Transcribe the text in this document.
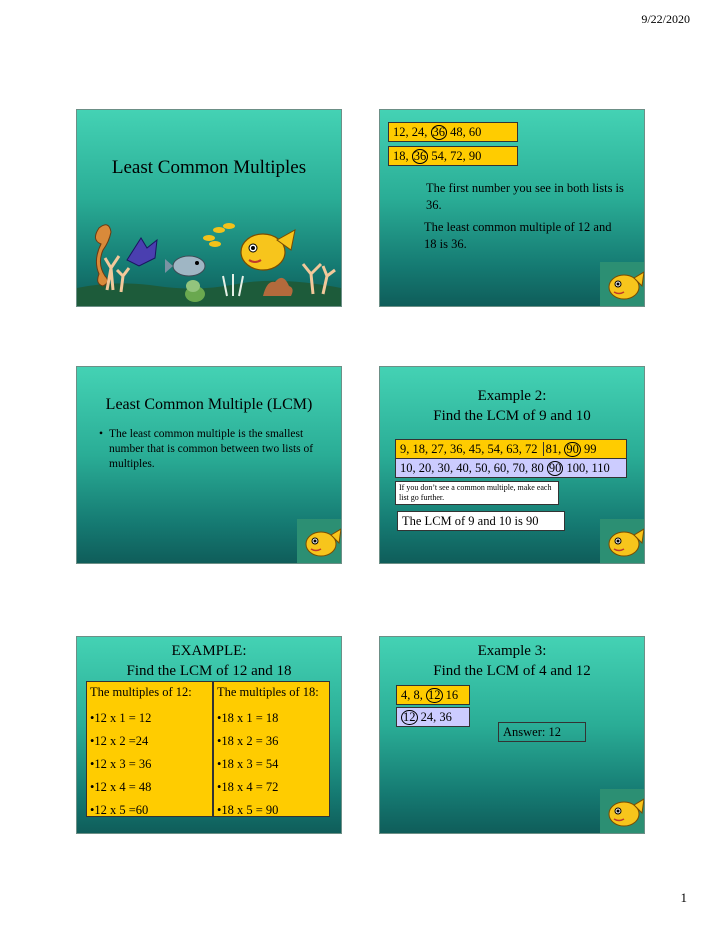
9/22/2020
Least Common Multiples
12, 24, 36 48, 60
18, 36 54, 72, 90
The first number you see in both lists is 36.
The least common multiple of 12 and 18 is 36.
Least Common Multiple (LCM)
• The least common multiple is the smallest number that is common between two lists of multiples.
Example 2:
Find the LCM of 9 and 10
9, 18, 27, 36, 45, 54, 63, 72 81, 90 99
10, 20, 30, 40, 50, 60, 70, 80 90 100, 110
If you don’t see a common multiple, make each list go further.
The LCM of 9 and 10 is 90
EXAMPLE:
Find the LCM of 12 and 18
The multiples of 12:
•12 x 1 = 12
•12 x 2 =24
•12 x 3 = 36
•12 x 4 = 48
•12 x 5 =60
The multiples of 18:
•18 x 1 = 18
•18 x 2 = 36
•18 x 3 = 54
•18 x 4 = 72
•18 x 5 = 90
Example 3:
Find the LCM of 4 and 12
4, 8, 12 16
12 24, 36
Answer: 12
1
